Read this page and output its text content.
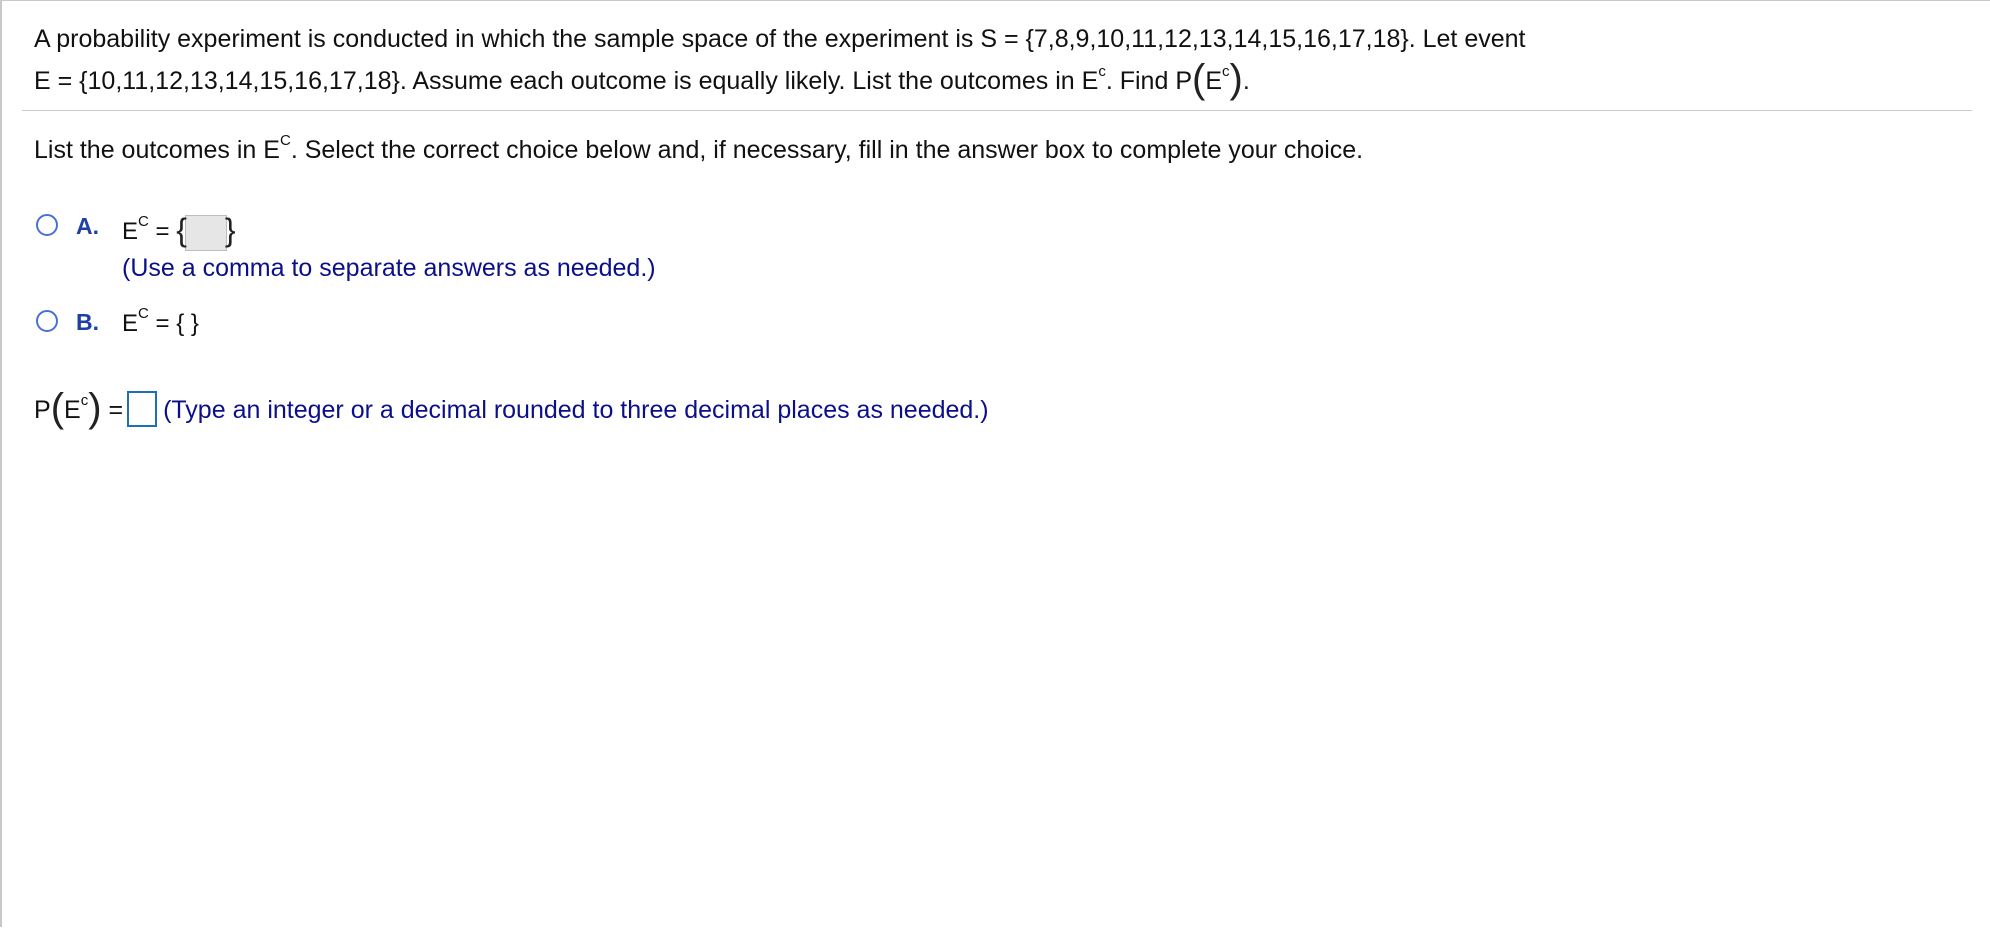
A probability experiment is conducted in which the sample space of the experiment is S = {7,8,9,10,11,12,13,14,15,16,17,18}. Let event
E = {10,11,12,13,14,15,16,17,18}. Assume each outcome is equally likely. List the outcomes in $E^c$. Find $P(E^c)$.
List the outcomes in $E^C$. Select the correct choice below and, if necessary, fill in the answer box to complete your choice.
A. $E^C$ = { }
(Use a comma to separate answers as needed.)
B. $E^C$ = { }
$P(E^c)$ = (Type an integer or a decimal rounded to three decimal places as needed.)
